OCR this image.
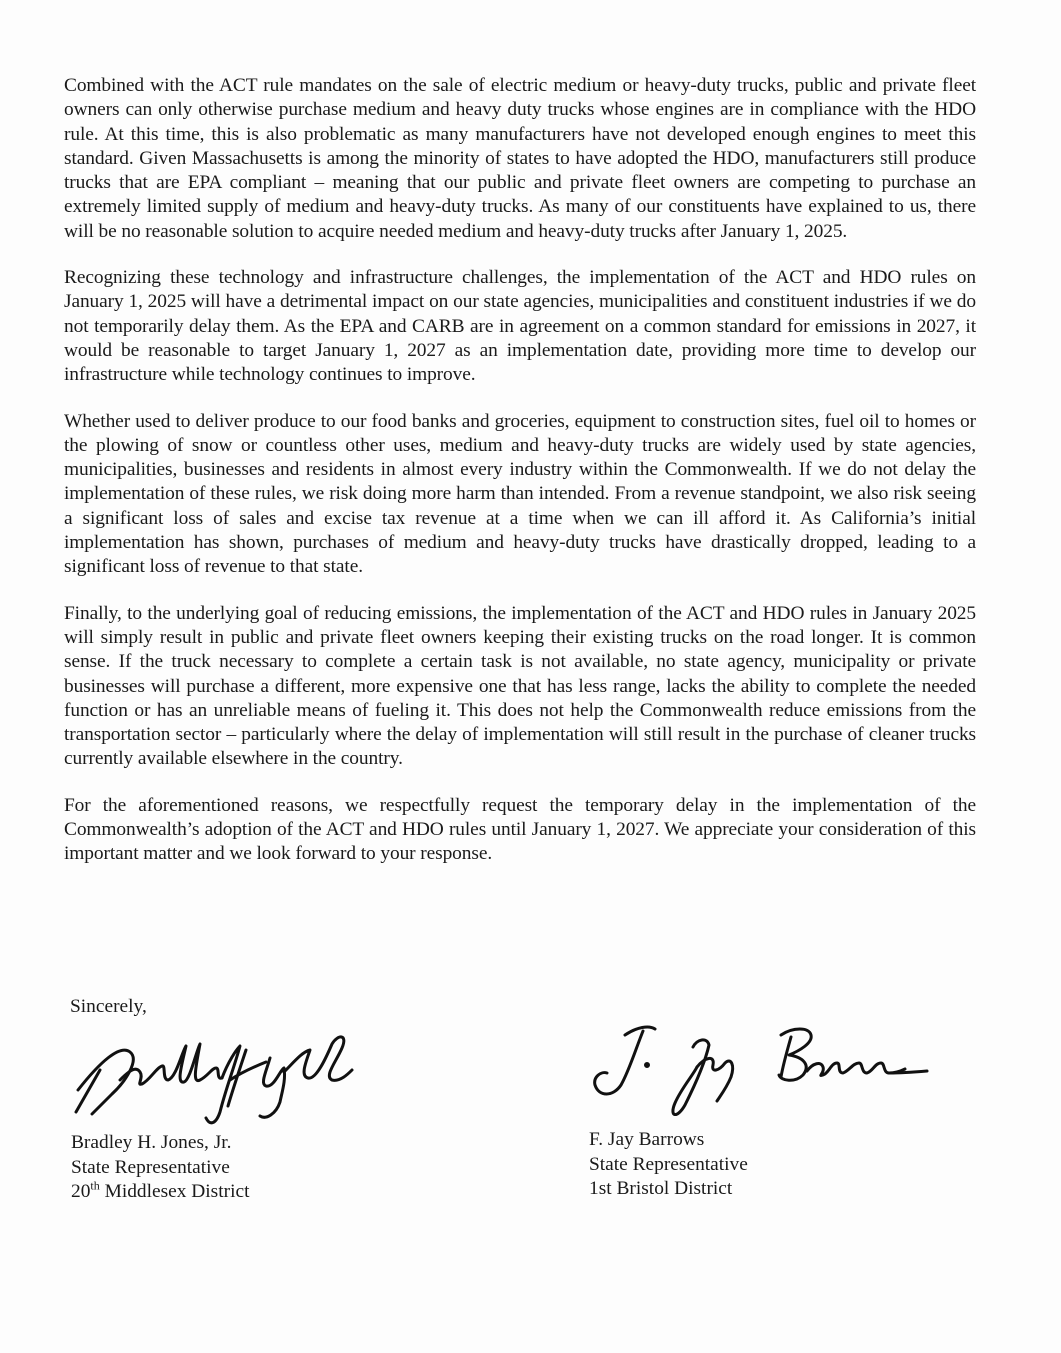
Combined with the ACT rule mandates on the sale of electric medium or heavy-duty trucks, public and private fleet owners can only otherwise purchase medium and heavy duty trucks whose engines are in compliance with the HDO rule. At this time, this is also problematic as many manufacturers have not developed enough engines to meet this standard. Given Massachusetts is among the minority of states to have adopted the HDO, manufacturers still produce trucks that are EPA compliant – meaning that our public and private fleet owners are competing to purchase an extremely limited supply of medium and heavy-duty trucks. As many of our constituents have explained to us, there will be no reasonable solution to acquire needed medium and heavy-duty trucks after January 1, 2025.

Recognizing these technology and infrastructure challenges, the implementation of the ACT and HDO rules on January 1, 2025 will have a detrimental impact on our state agencies, municipalities and constituent industries if we do not temporarily delay them. As the EPA and CARB are in agreement on a common standard for emissions in 2027, it would be reasonable to target January 1, 2027 as an implementation date, providing more time to develop our infrastructure while technology continues to improve.

Whether used to deliver produce to our food banks and groceries, equipment to construction sites, fuel oil to homes or the plowing of snow or countless other uses, medium and heavy-duty trucks are widely used by state agencies, municipalities, businesses and residents in almost every industry within the Commonwealth. If we do not delay the implementation of these rules, we risk doing more harm than intended. From a revenue standpoint, we also risk seeing a significant loss of sales and excise tax revenue at a time when we can ill afford it. As California’s initial implementation has shown, purchases of medium and heavy-duty trucks have drastically dropped, leading to a significant loss of revenue to that state.

Finally, to the underlying goal of reducing emissions, the implementation of the ACT and HDO rules in January 2025 will simply result in public and private fleet owners keeping their existing trucks on the road longer. It is common sense. If the truck necessary to complete a certain task is not available, no state agency, municipality or private businesses will purchase a different, more expensive one that has less range, lacks the ability to complete the needed function or has an unreliable means of fueling it. This does not help the Commonwealth reduce emissions from the transportation sector – particularly where the delay of implementation will still result in the purchase of cleaner trucks currently available elsewhere in the country.

For the aforementioned reasons, we respectfully request the temporary delay in the implementation of the Commonwealth’s adoption of the ACT and HDO rules until January 1, 2027. We appreciate your consideration of this important matter and we look forward to your response.

Sincerely,
Bradley H. Jones, Jr.
State Representative
20th Middlesex District
F. Jay Barrows
State Representative
1st Bristol District
